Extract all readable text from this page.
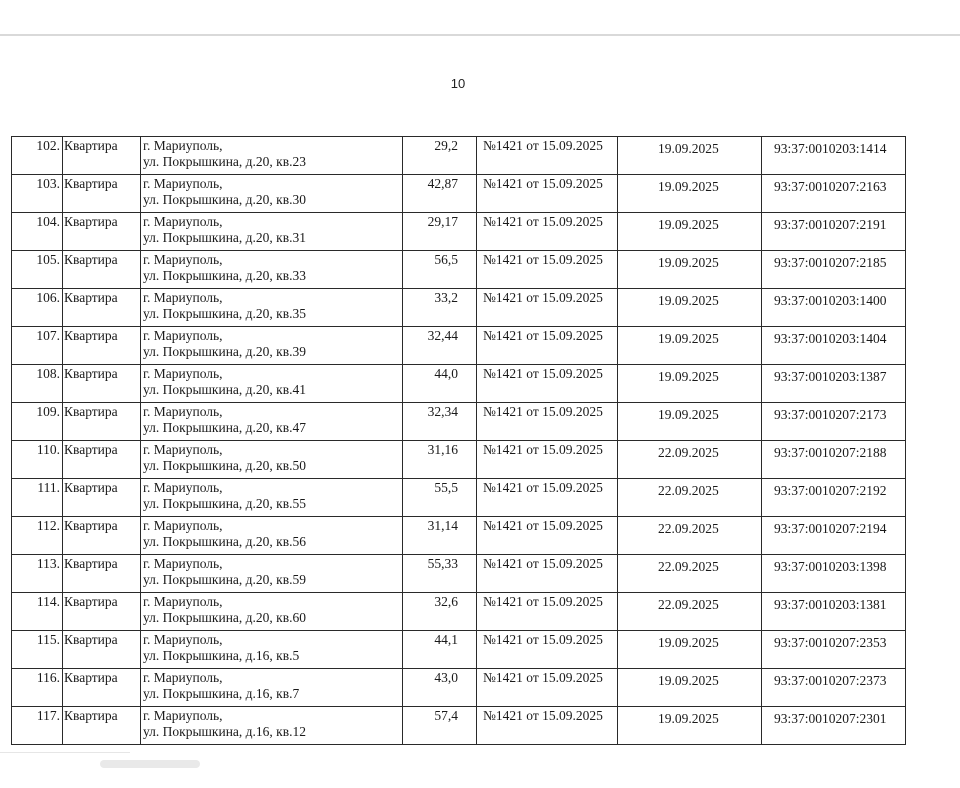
10
102.	Квартира	г. Мариуполь,
ул. Покрышкина, д.20, кв.23	29,2	№1421 от 15.09.2025	19.09.2025	93:37:0010203:1414
103.	Квартира	г. Мариуполь,
ул. Покрышкина, д.20, кв.30	42,87	№1421 от 15.09.2025	19.09.2025	93:37:0010207:2163
104.	Квартира	г. Мариуполь,
ул. Покрышкина, д.20, кв.31	29,17	№1421 от 15.09.2025	19.09.2025	93:37:0010207:2191
105.	Квартира	г. Мариуполь,
ул. Покрышкина, д.20, кв.33	56,5	№1421 от 15.09.2025	19.09.2025	93:37:0010207:2185
106.	Квартира	г. Мариуполь,
ул. Покрышкина, д.20, кв.35	33,2	№1421 от 15.09.2025	19.09.2025	93:37:0010203:1400
107.	Квартира	г. Мариуполь,
ул. Покрышкина, д.20, кв.39	32,44	№1421 от 15.09.2025	19.09.2025	93:37:0010203:1404
108.	Квартира	г. Мариуполь,
ул. Покрышкина, д.20, кв.41	44,0	№1421 от 15.09.2025	19.09.2025	93:37:0010203:1387
109.	Квартира	г. Мариуполь,
ул. Покрышкина, д.20, кв.47	32,34	№1421 от 15.09.2025	19.09.2025	93:37:0010207:2173
110.	Квартира	г. Мариуполь,
ул. Покрышкина, д.20, кв.50	31,16	№1421 от 15.09.2025	22.09.2025	93:37:0010207:2188
111.	Квартира	г. Мариуполь,
ул. Покрышкина, д.20, кв.55	55,5	№1421 от 15.09.2025	22.09.2025	93:37:0010207:2192
112.	Квартира	г. Мариуполь,
ул. Покрышкина, д.20, кв.56	31,14	№1421 от 15.09.2025	22.09.2025	93:37:0010207:2194
113.	Квартира	г. Мариуполь,
ул. Покрышкина, д.20, кв.59	55,33	№1421 от 15.09.2025	22.09.2025	93:37:0010203:1398
114.	Квартира	г. Мариуполь,
ул. Покрышкина, д.20, кв.60	32,6	№1421 от 15.09.2025	22.09.2025	93:37:0010203:1381
115.	Квартира	г. Мариуполь,
ул. Покрышкина, д.16, кв.5	44,1	№1421 от 15.09.2025	19.09.2025	93:37:0010207:2353
116.	Квартира	г. Мариуполь,
ул. Покрышкина, д.16, кв.7	43,0	№1421 от 15.09.2025	19.09.2025	93:37:0010207:2373
117.	Квартира	г. Мариуполь,
ул. Покрышкина, д.16, кв.12	57,4	№1421 от 15.09.2025	19.09.2025	93:37:0010207:2301
